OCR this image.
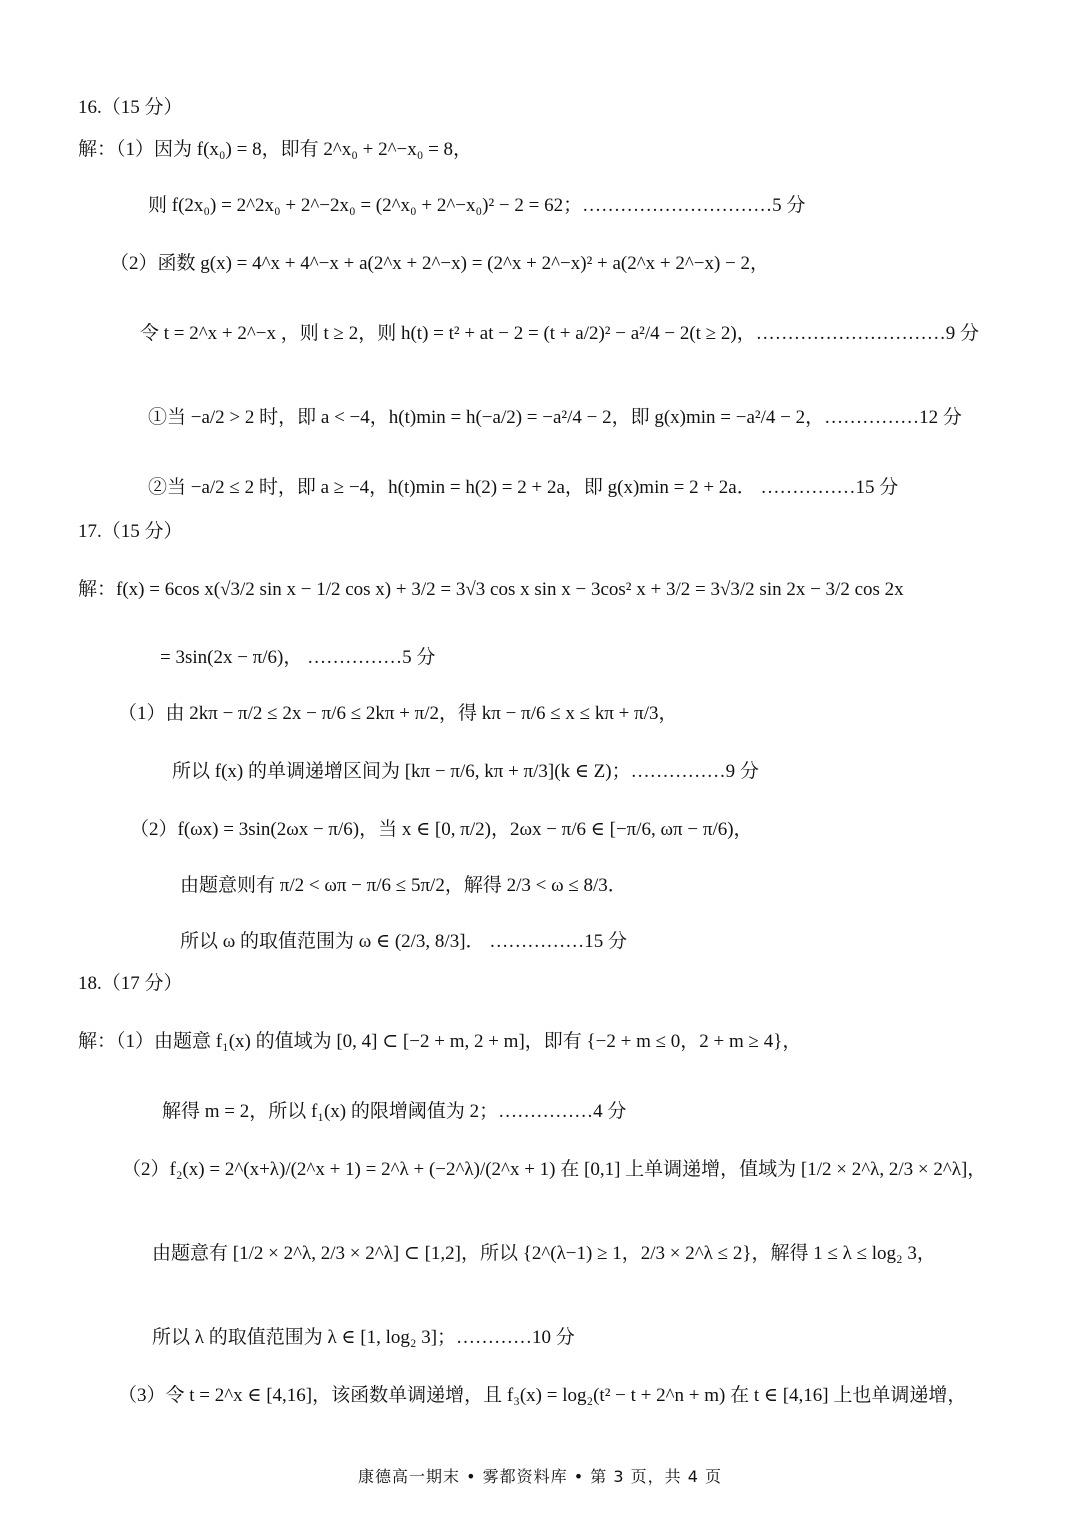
16.（15 分）
解：（1）因为 f(x₀) = 8，即有 2^x₀ + 2^−x₀ = 8，
则 f(2x₀) = 2^2x₀ + 2^−2x₀ = (2^x₀ + 2^−x₀)² − 2 = 62；…………………………5 分
（2）函数 g(x) = 4^x + 4^−x + a(2^x + 2^−x) = (2^x + 2^−x)² + a(2^x + 2^−x) − 2，
令 t = 2^x + 2^−x ，则 t ≥ 2，则 h(t) = t² + at − 2 = (t + a/2)² − a²/4 − 2(t ≥ 2)，…………………………9 分
①当 −a/2 > 2 时，即 a < −4，h(t)min = h(−a/2) = −a²/4 − 2，即 g(x)min = −a²/4 − 2，……………12 分
②当 −a/2 ≤ 2 时，即 a ≥ −4，h(t)min = h(2) = 2 + 2a，即 g(x)min = 2 + 2a． ……………15 分
17.（15 分）
解：f(x) = 6cos x(√3/2 sin x − 1/2 cos x) + 3/2 = 3√3 cos x sin x − 3cos² x + 3/2 = 3√3/2 sin 2x − 3/2 cos 2x
= 3sin(2x − π/6)， ……………5 分
（1）由 2kπ − π/2 ≤ 2x − π/6 ≤ 2kπ + π/2，得 kπ − π/6 ≤ x ≤ kπ + π/3，
所以 f(x) 的单调递增区间为 [kπ − π/6, kπ + π/3](k ∈ Z)；……………9 分
（2）f(ωx) = 3sin(2ωx − π/6)，当 x ∈ [0, π/2)，2ωx − π/6 ∈ [−π/6, ωπ − π/6)，
由题意则有 π/2 < ωπ − π/6 ≤ 5π/2，解得 2/3 < ω ≤ 8/3．
所以 ω 的取值范围为 ω ∈ (2/3, 8/3]． ……………15 分
18.（17 分）
解：（1）由题意 f₁(x) 的值域为 [0, 4] ⊂ [−2 + m, 2 + m]，即有 {−2 + m ≤ 0，2 + m ≥ 4}，
解得 m = 2，所以 f₁(x) 的限增阈值为 2；……………4 分
（2）f₂(x) = 2^(x+λ)/(2^x + 1) = 2^λ + (−2^λ)/(2^x + 1) 在 [0,1] 上单调递增，值域为 [1/2 × 2^λ, 2/3 × 2^λ]，
由题意有 [1/2 × 2^λ, 2/3 × 2^λ] ⊂ [1,2]，所以 {2^(λ−1) ≥ 1，2/3 × 2^λ ≤ 2}，解得 1 ≤ λ ≤ log₂ 3，
所以 λ 的取值范围为 λ ∈ [1, log₂ 3]；…………10 分
（3）令 t = 2^x ∈ [4,16]，该函数单调递增，且 f₃(x) = log₂(t² − t + 2^n + m) 在 t ∈ [4,16] 上也单调递增，
康德高一期末 • 雾都资料库 • 第 3 页，共 4 页
